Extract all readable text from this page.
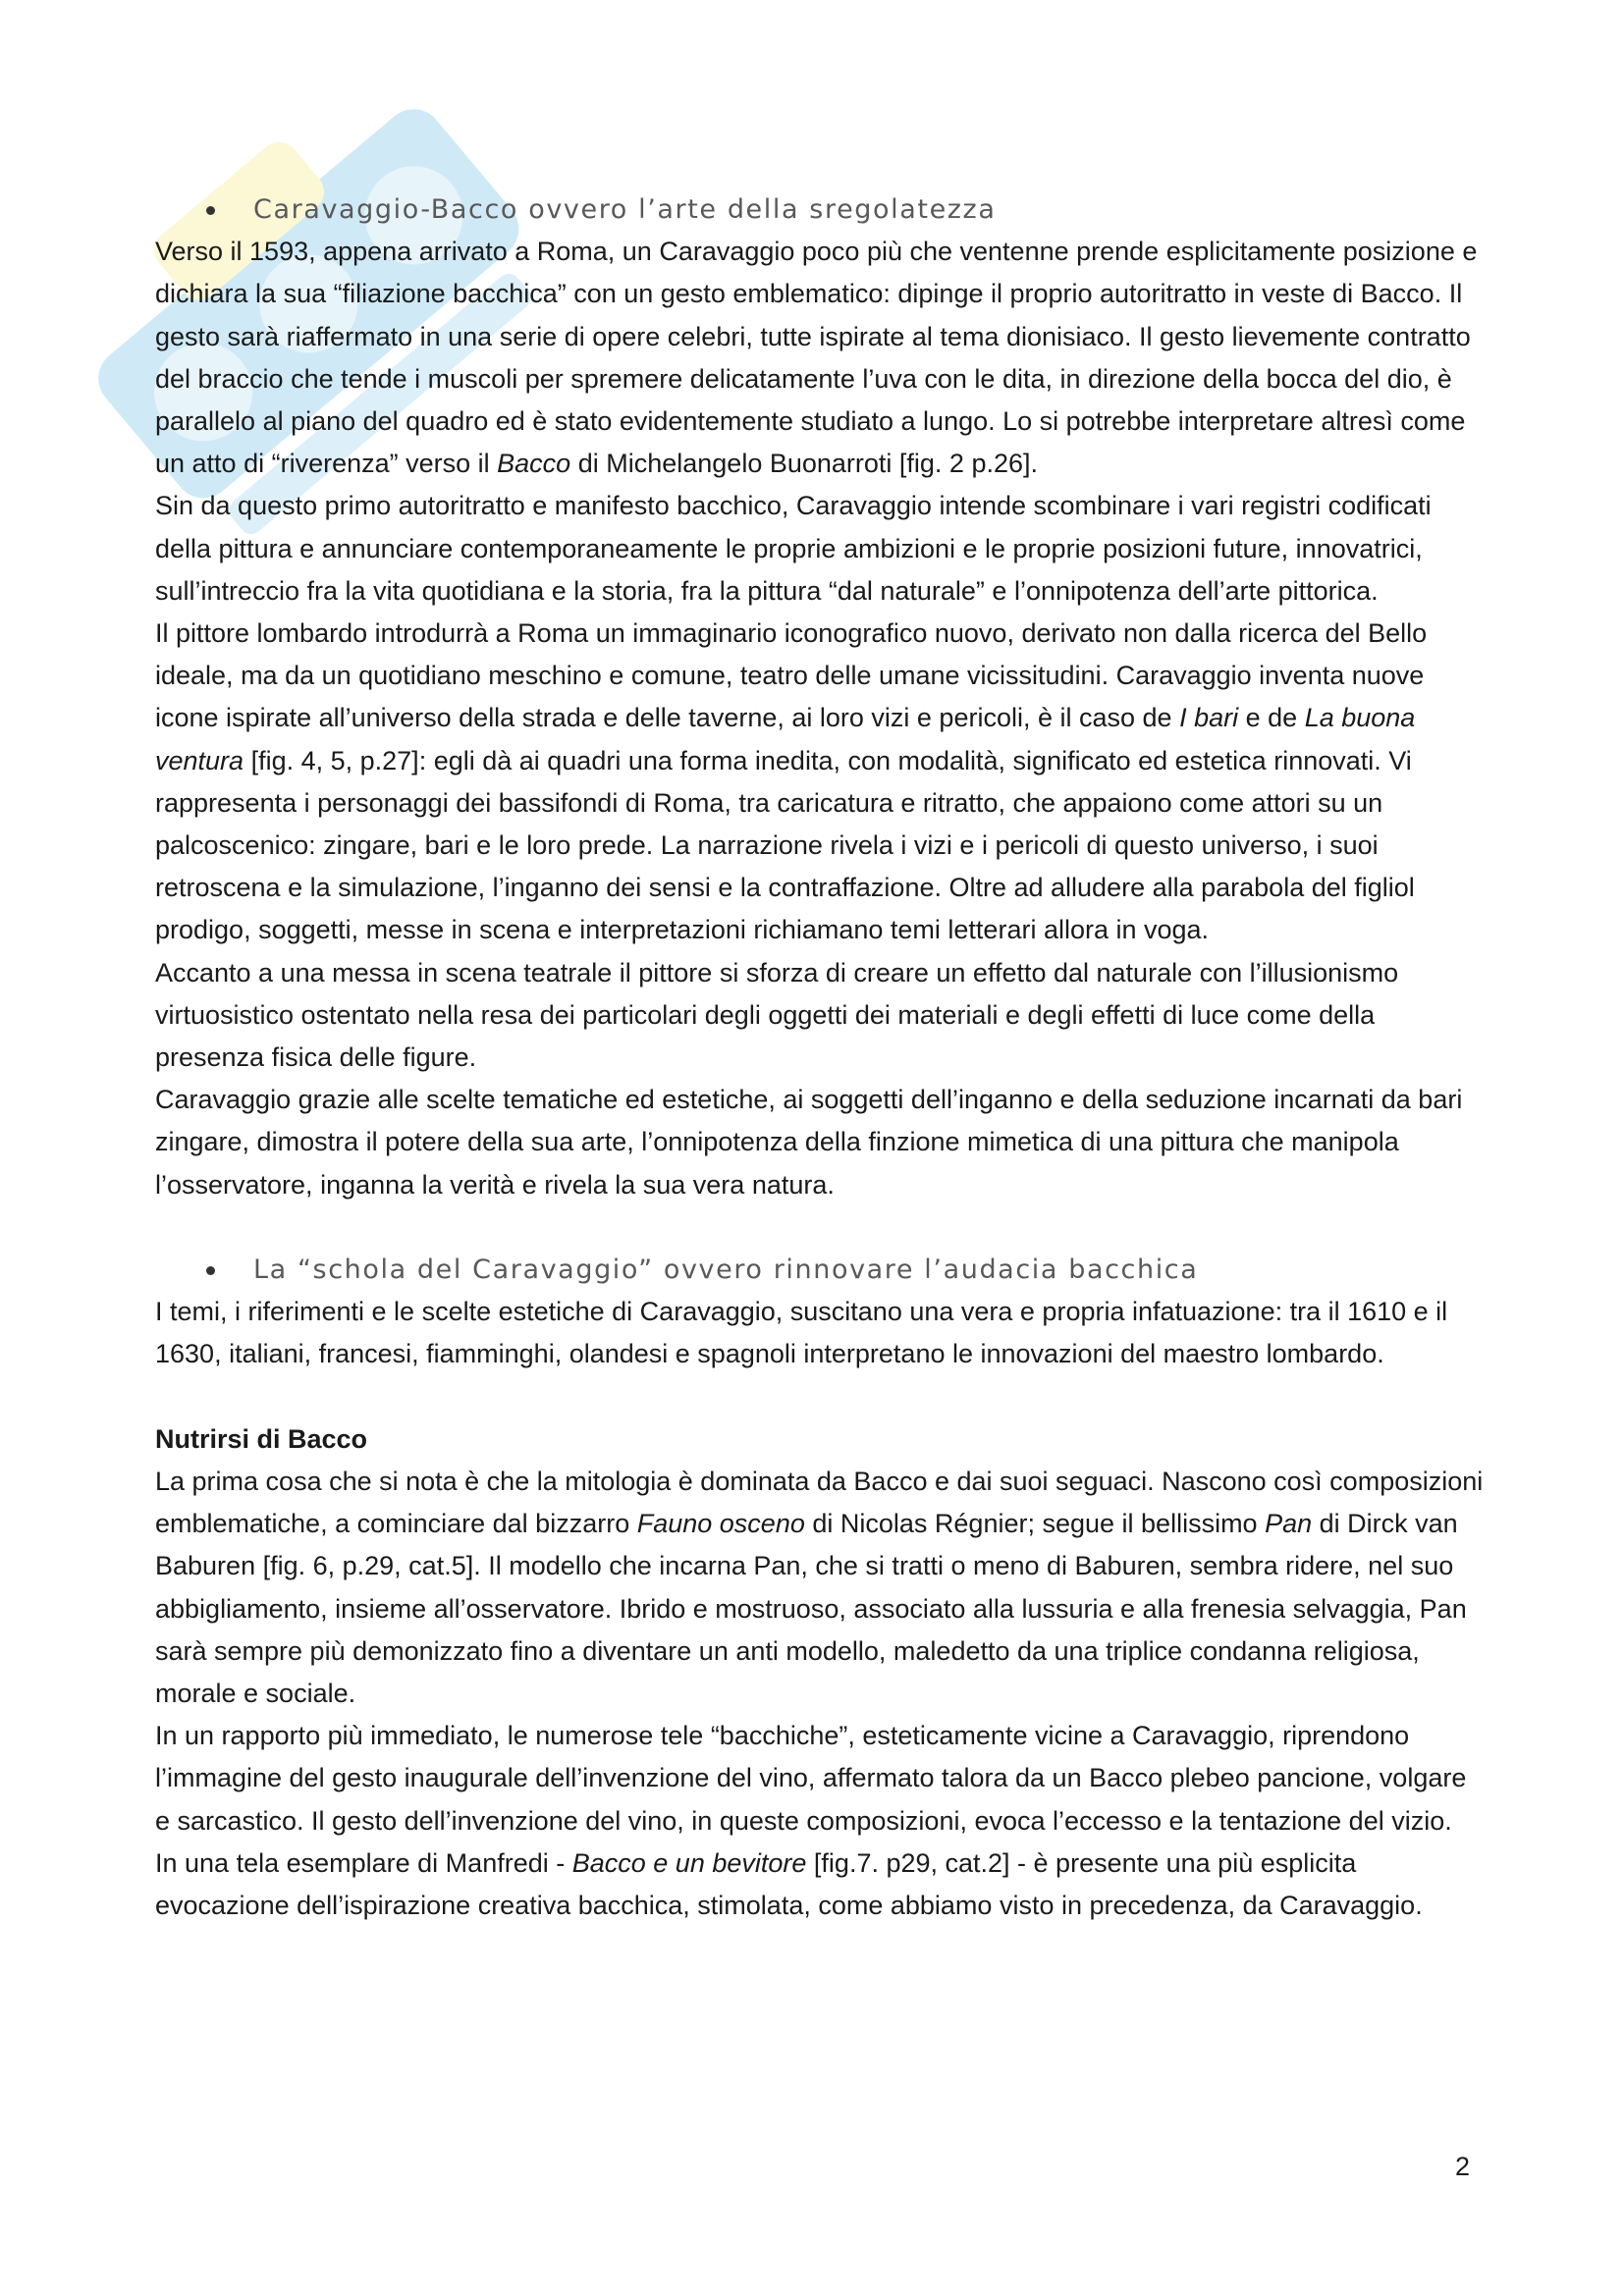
Caravaggio-Bacco ovvero l’arte della sregolatezza

Verso il 1593, appena arrivato a Roma, un Caravaggio poco più che ventenne prende esplicitamente posizione e dichiara la sua “filiazione bacchica” con un gesto emblematico: dipinge il proprio autoritratto in veste di Bacco. Il gesto sarà riaffermato in una serie di opere celebri, tutte ispirate al tema dionisiaco. Il gesto lievemente contratto del braccio che tende i muscoli per spremere delicatamente l’uva con le dita, in direzione della bocca del dio, è parallelo al piano del quadro ed è stato evidentemente studiato a lungo. Lo si potrebbe interpretare altresì come un atto di “riverenza” verso il Bacco di Michelangelo Buonarroti [fig. 2 p.26].

Sin da questo primo autoritratto e manifesto bacchico, Caravaggio intende scombinare i vari registri codificati della pittura e annunciare contemporaneamente le proprie ambizioni e le proprie posizioni future, innovatrici, sull’intreccio fra la vita quotidiana e la storia, fra la pittura “dal naturale” e l’onnipotenza dell’arte pittorica.

Il pittore lombardo introdurrà a Roma un immaginario iconografico nuovo, derivato non dalla ricerca del Bello ideale, ma da un quotidiano meschino e comune, teatro delle umane vicissitudini. Caravaggio inventa nuove icone ispirate all’universo della strada e delle taverne, ai loro vizi e pericoli, è il caso de I bari e de La buona ventura [fig. 4, 5, p.27]: egli dà ai quadri una forma inedita, con modalità, significato ed estetica rinnovati. Vi rappresenta i personaggi dei bassifondi di Roma, tra caricatura e ritratto, che appaiono come attori su un palcoscenico: zingare, bari e le loro prede. La narrazione rivela i vizi e i pericoli di questo universo, i suoi retroscena e la simulazione, l’inganno dei sensi e la contraffazione. Oltre ad alludere alla parabola del figliol prodigo, soggetti, messe in scena e interpretazioni richiamano temi letterari allora in voga.

Accanto a una messa in scena teatrale il pittore si sforza di creare un effetto dal naturale con l’illusionismo virtuosistico ostentato nella resa dei particolari degli oggetti dei materiali e degli effetti di luce come della presenza fisica delle figure.

Caravaggio grazie alle scelte tematiche ed estetiche, ai soggetti dell’inganno e della seduzione incarnati da bari zingare, dimostra il potere della sua arte, l’onnipotenza della finzione mimetica di una pittura che manipola l’osservatore, inganna la verità e rivela la sua vera natura.

La “schola del Caravaggio” ovvero rinnovare l’audacia bacchica

I temi, i riferimenti e le scelte estetiche di Caravaggio, suscitano una vera e propria infatuazione: tra il 1610 e il 1630, italiani, francesi, fiamminghi, olandesi e spagnoli interpretano le innovazioni del maestro lombardo.

Nutrirsi di Bacco

La prima cosa che si nota è che la mitologia è dominata da Bacco e dai suoi seguaci. Nascono così composizioni emblematiche, a cominciare dal bizzarro Fauno osceno di Nicolas Régnier; segue il bellissimo Pan di Dirck van Baburen [fig. 6, p.29, cat.5]. Il modello che incarna Pan, che si tratti o meno di Baburen, sembra ridere, nel suo abbigliamento, insieme all’osservatore. Ibrido e mostruoso, associato alla lussuria e alla frenesia selvaggia, Pan sarà sempre più demonizzato fino a diventare un anti modello, maledetto da una triplice condanna religiosa, morale e sociale.

In un rapporto più immediato, le numerose tele “bacchiche”, esteticamente vicine a Caravaggio, riprendono l’immagine del gesto inaugurale dell’invenzione del vino, affermato talora da un Bacco plebeo pancione, volgare e sarcastico. Il gesto dell’invenzione del vino, in queste composizioni, evoca l’eccesso e la tentazione del vizio.

In una tela esemplare di Manfredi - Bacco e un bevitore [fig.7. p29, cat.2] - è presente una più esplicita evocazione dell’ispirazione creativa bacchica, stimolata, come abbiamo visto in precedenza, da Caravaggio.

2
